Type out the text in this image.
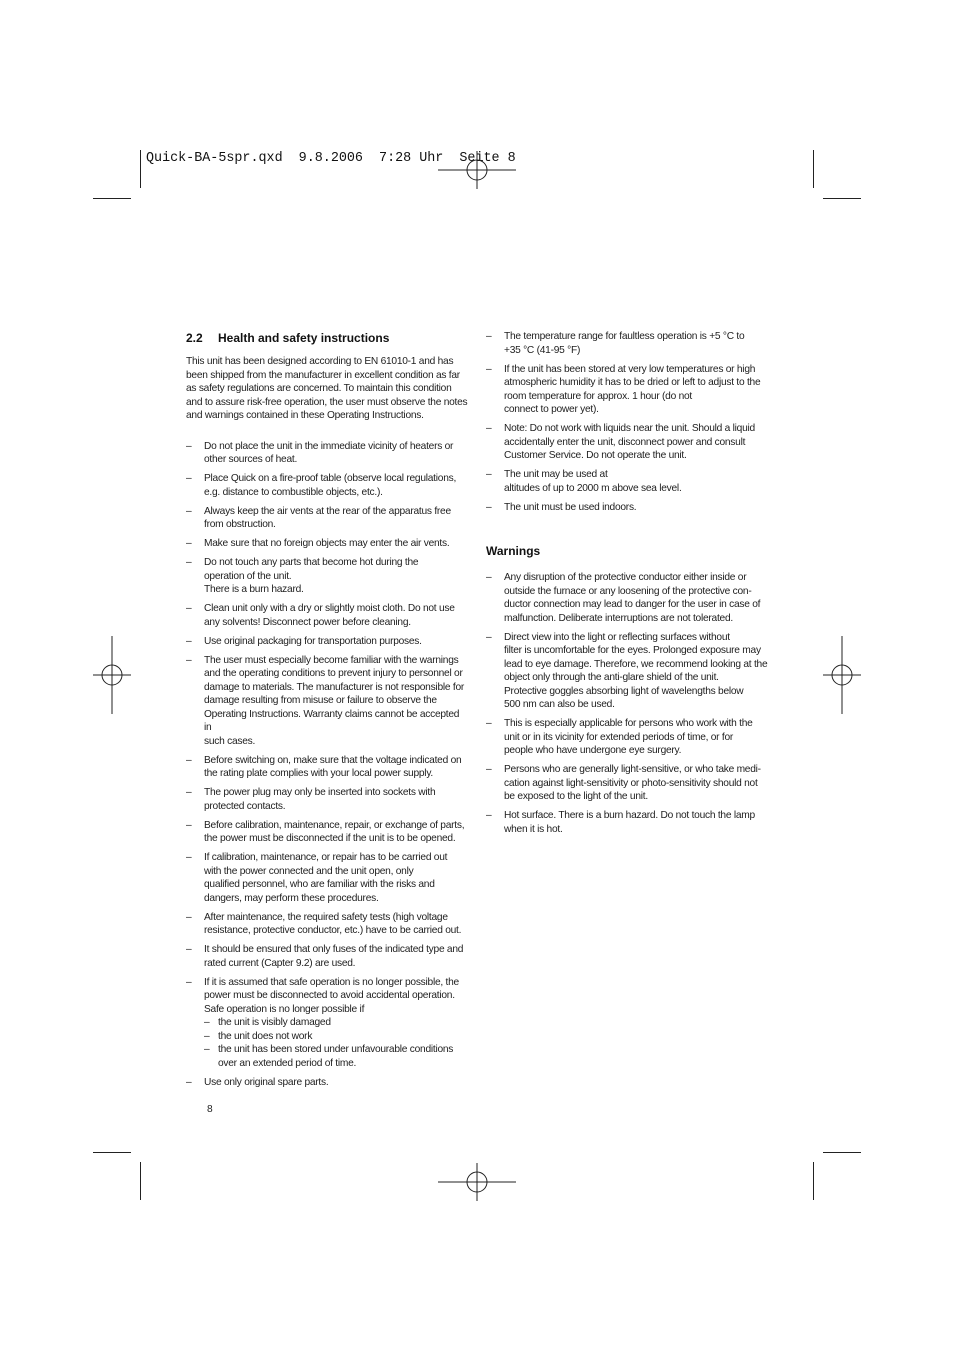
Quick-BA-5spr.qxd  9.8.2006  7:28 Uhr  Seite 8
2.2 Health and safety instructions

This unit has been designed according to EN 61010-1 and has
been shipped from the manufacturer in excellent condition as far
as safety regulations are concerned. To maintain this condition
and to assure risk-free operation, the user must observe the notes
and warnings contained in these Operating Instructions.

– Do not place the unit in the immediate vicinity of heaters or
other sources of heat.
– Place Quick on a fire-proof table (observe local regulations,
e.g. distance to combustible objects, etc.).
– Always keep the air vents at the rear of the apparatus free
from obstruction.
– Make sure that no foreign objects may enter the air vents.
– Do not touch any parts that become hot during the
operation of the unit.
There is a burn hazard.
– Clean unit only with a dry or slightly moist cloth. Do not use
any solvents! Disconnect power before cleaning.
– Use original packaging for transportation purposes.
– The user must especially become familiar with the warnings
and the operating conditions to prevent injury to personnel or
damage to materials. The manufacturer is not responsible for
damage resulting from misuse or failure to observe the
Operating Instructions. Warranty claims cannot be accepted in
such cases.
– Before switching on, make sure that the voltage indicated on
the rating plate complies with your local power supply.
– The power plug may only be inserted into sockets with
protected contacts.
– Before calibration, maintenance, repair, or exchange of parts,
the power must be disconnected if the unit is to be opened.
– If calibration, maintenance, or repair has to be carried out
with the power connected and the unit open, only
qualified personnel, who are familiar with the risks and
dangers, may perform these procedures.
– After maintenance, the required safety tests (high voltage
resistance, protective conductor, etc.) have to be carried out.
– It should be ensured that only fuses of the indicated type and
rated current (Capter 9.2) are used.
– If it is assumed that safe operation is no longer possible, the
power must be disconnected to avoid accidental operation.
Safe operation is no longer possible if
– the unit is visibly damaged
– the unit does not work
– the unit has been stored under unfavourable conditions
over an extended period of time.
– Use only original spare parts.
– The temperature range for faultless operation is +5 °C to
+35 °C (41-95 °F)
– If the unit has been stored at very low temperatures or high
atmospheric humidity it has to be dried or left to adjust to the
room temperature for approx. 1 hour (do not
connect to power yet).
– Note: Do not work with liquids near the unit. Should a liquid
accidentally enter the unit, disconnect power and consult
Customer Service. Do not operate the unit.
– The unit may be used at
altitudes of up to 2000 m above sea level.
– The unit must be used indoors.
Warnings
– Any disruption of the protective conductor either inside or
outside the furnace or any loosening of the protective con-
ductor connection may lead to danger for the user in case of
malfunction. Deliberate interruptions are not tolerated.
– Direct view into the light or reflecting surfaces without
filter is uncomfortable for the eyes. Prolonged exposure may
lead to eye damage. Therefore, we recommend looking at the
object only through the anti-glare shield of the unit.
Protective goggles absorbing light of wavelengths below
500 nm can also be used.
– This is especially applicable for persons who work with the
unit or in its vicinity for extended periods of time, or for
people who have undergone eye surgery.
– Persons who are generally light-sensitive, or who take medi-
cation against light-sensitivity or photo-sensitivity should not
be exposed to the light of the unit.
– Hot surface. There is a burn hazard. Do not touch the lamp
when it is hot.
8
